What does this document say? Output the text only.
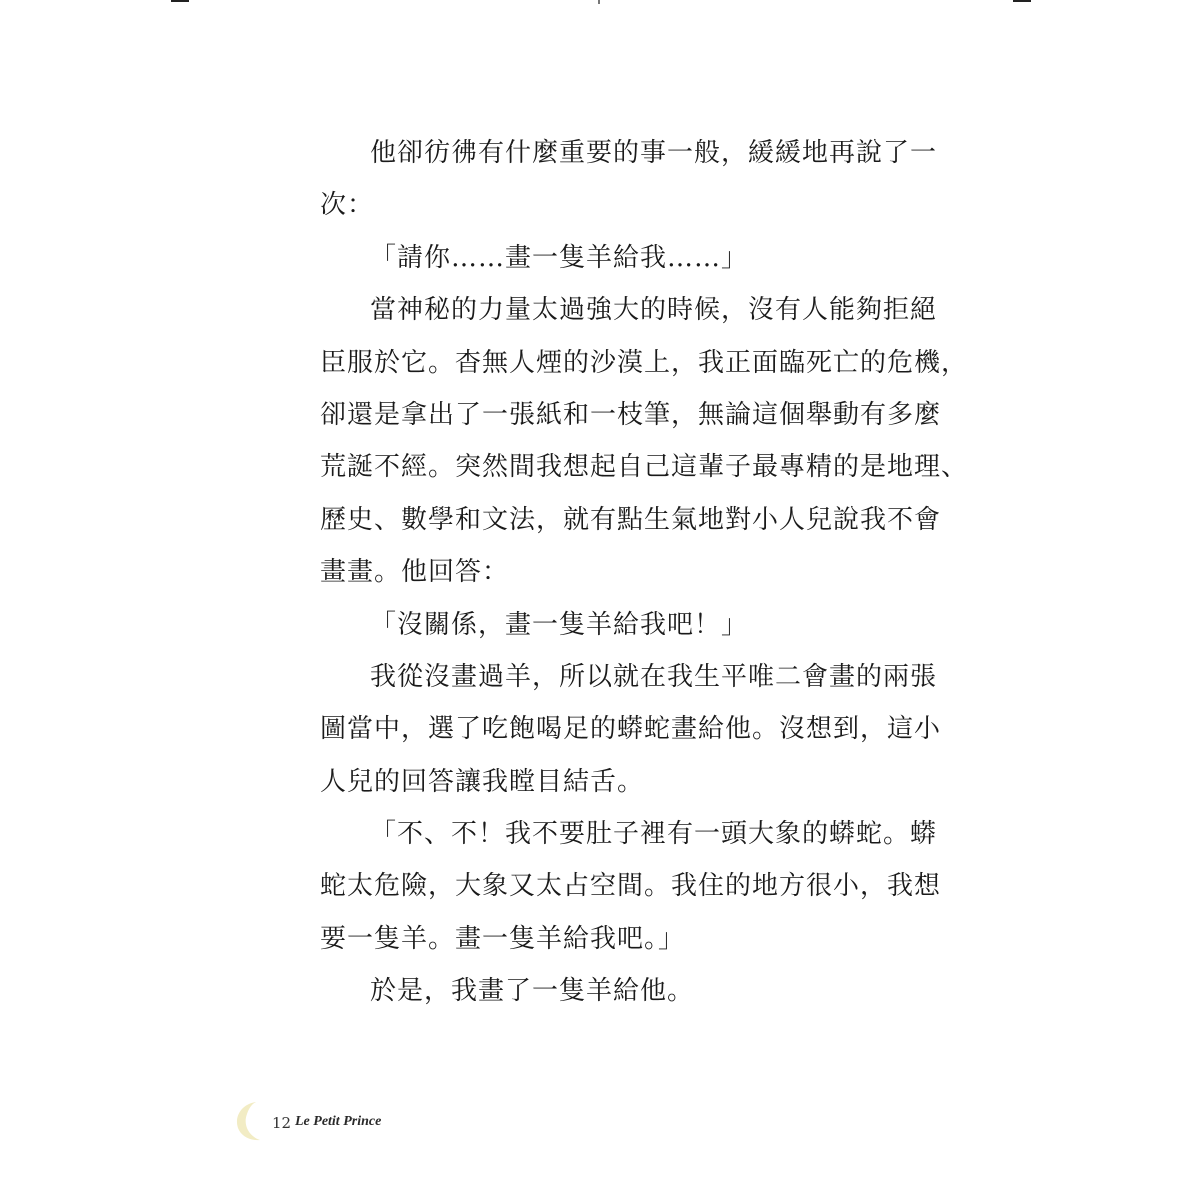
他卻彷彿有什麼重要的事一般，緩緩地再說了一
次：
「請你……畫一隻羊給我……」
當神秘的力量太過強大的時候，沒有人能夠拒絕
臣服於它。杳無人煙的沙漠上，我正面臨死亡的危機，
卻還是拿出了一張紙和一枝筆，無論這個舉動有多麼
荒誕不經。突然間我想起自己這輩子最專精的是地理、
歷史、數學和文法，就有點生氣地對小人兒說我不會
畫畫。他回答：
「沒關係，畫一隻羊給我吧！」
我從沒畫過羊，所以就在我生平唯二會畫的兩張
圖當中，選了吃飽喝足的蟒蛇畫給他。沒想到，這小
人兒的回答讓我瞠目結舌。
「不、不！我不要肚子裡有一頭大象的蟒蛇。蟒
蛇太危險，大象又太占空間。我住的地方很小，我想
要一隻羊。畫一隻羊給我吧。」
於是，我畫了一隻羊給他。
12 Le Petit Prince
